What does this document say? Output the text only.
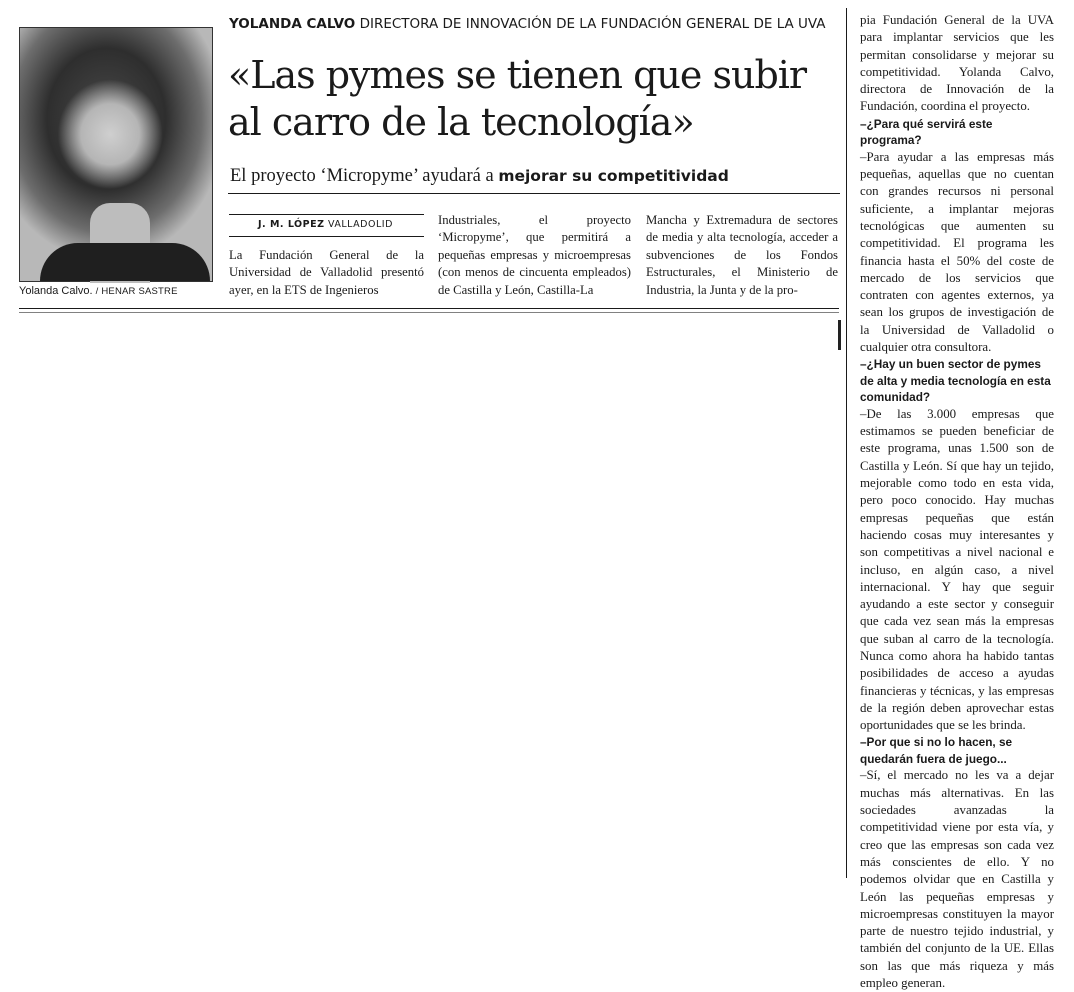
Yolanda Calvo. / HENAR SASTRE
YOLANDA CALVO DIRECTORA DE INNOVACIÓN DE LA FUNDACIÓN GENERAL DE LA UVA
«Las pymes se tienen que subir al carro de la tecnología»
El proyecto ‘Micropyme’ ayudará a mejorar su competitividad
J. M. LÓPEZ VALLADOLID
La Fundación General de la Universidad de Valladolid presentó ayer, en la ETS de Ingenieros
Industriales, el proyecto ‘Micropyme’, que permitirá a pequeñas empresas y microempresas (con menos de cincuenta empleados) de Castilla y León, Castilla-La
Mancha y Extremadura de sectores de media y alta tecnología, acceder a subvenciones de los Fondos Estructurales, el Ministerio de Industria, la Junta y de la pro-

pia Fundación General de la UVA para implantar servicios que les permitan consolidarse y mejorar su competitividad. Yolanda Calvo, directora de Innovación de la Fundación, coordina el proyecto.

–¿Para qué servirá este programa?

–Para ayudar a las empresas más pequeñas, aquellas que no cuentan con grandes recursos ni personal suficiente, a implantar mejoras tecnológicas que aumenten su competitividad. El programa les financia hasta el 50% del coste de mercado de los servicios que contraten con agentes externos, ya sean los grupos de investigación de la Universidad de Valladolid o cualquier otra consultora.

–¿Hay un buen sector de pymes de alta y media tecnología en esta comunidad?

–De las 3.000 empresas que estimamos se pueden beneficiar de este programa, unas 1.500 son de Castilla y León. Sí que hay un tejido, mejorable como todo en esta vida, pero poco conocido. Hay muchas empresas pequeñas que están haciendo cosas muy interesantes y son competitivas a nivel nacional e incluso, en algún caso, a nivel internacional. Y hay que seguir ayudando a este sector y conseguir que cada vez sean más la empresas que suban al carro de la tecnología. Nunca como ahora ha habido tantas posibilidades de acceso a ayudas financieras y técnicas, y las empresas de la región deben aprovechar estas oportunidades que se les brinda.

–Por que si no lo hacen, se quedarán fuera de juego...

–Sí, el mercado no les va a dejar muchas más alternativas. En las sociedades avanzadas la competitividad viene por esta vía, y creo que las empresas son cada vez más conscientes de ello. Y no podemos olvidar que en Castilla y León las pequeñas empresas y microempresas constituyen la mayor parte de nuestro tejido industrial, y también del conjunto de la UE. Ellas son las que más riqueza y más empleo generan.
